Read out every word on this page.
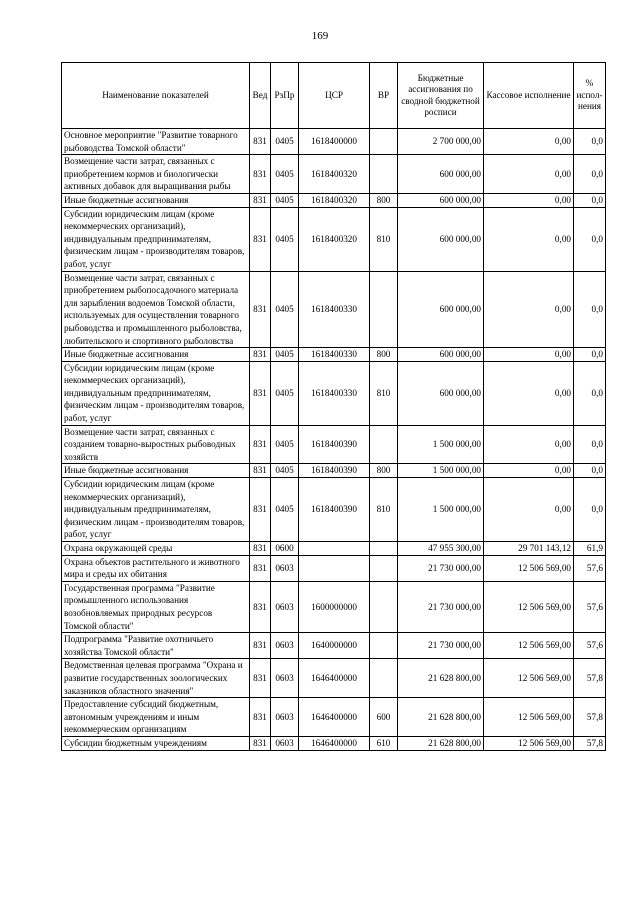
169
Наименование показателей	Вед	РзПр	ЦСР	ВР	Бюджетные ассигнования по сводной бюджетной росписи	Кассовое исполнение	% испол-нения
Основное мероприятие "Развитие товарного рыбоводства Томской области"	831	0405	1618400000		2 700 000,00	0,00	0,0
Возмещение части затрат, связанных с приобретением кормов и биологически активных добавок для выращивания рыбы	831	0405	1618400320		600 000,00	0,00	0,0
Иные бюджетные ассигнования	831	0405	1618400320	800	600 000,00	0,00	0,0
Субсидии юридическим лицам (кроме некоммерческих организаций), индивидуальным предпринимателям, физическим лицам - производителям товаров, работ, услуг	831	0405	1618400320	810	600 000,00	0,00	0,0
Возмещение части затрат, связанных с приобретением рыбопосадочного материала для зарыбления водоемов Томской области, используемых для осуществления товарного рыбоводства и промышленного рыболовства, любительского и спортивного рыболовства	831	0405	1618400330		600 000,00	0,00	0,0
Иные бюджетные ассигнования	831	0405	1618400330	800	600 000,00	0,00	0,0
Субсидии юридическим лицам (кроме некоммерческих организаций), индивидуальным предпринимателям, физическим лицам - производителям товаров, работ, услуг	831	0405	1618400330	810	600 000,00	0,00	0,0
Возмещение части затрат, связанных с созданием товарно-выростных рыбоводных хозяйств	831	0405	1618400390		1 500 000,00	0,00	0,0
Иные бюджетные ассигнования	831	0405	1618400390	800	1 500 000,00	0,00	0,0
Субсидии юридическим лицам (кроме некоммерческих организаций), индивидуальным предпринимателям, физическим лицам - производителям товаров, работ, услуг	831	0405	1618400390	810	1 500 000,00	0,00	0,0
Охрана окружающей среды	831	0600			47 955 300,00	29 701 143,12	61,9
Охрана объектов растительного и животного мира и среды их обитания	831	0603			21 730 000,00	12 506 569,00	57,6
Государственная программа "Развитие промышленного использования возобновляемых природных ресурсов Томской области"	831	0603	1600000000		21 730 000,00	12 506 569,00	57,6
Подпрограмма "Развитие охотничьего хозяйства Томской области"	831	0603	1640000000		21 730 000,00	12 506 569,00	57,6
Ведомственная целевая программа "Охрана и развитие государственных зоологических заказников областного значения"	831	0603	1646400000		21 628 800,00	12 506 569,00	57,8
Предоставление субсидий бюджетным, автономным учреждениям и иным некоммерческим организациям	831	0603	1646400000	600	21 628 800,00	12 506 569,00	57,8
Субсидии бюджетным учреждениям	831	0603	1646400000	610	21 628 800,00	12 506 569,00	57,8
